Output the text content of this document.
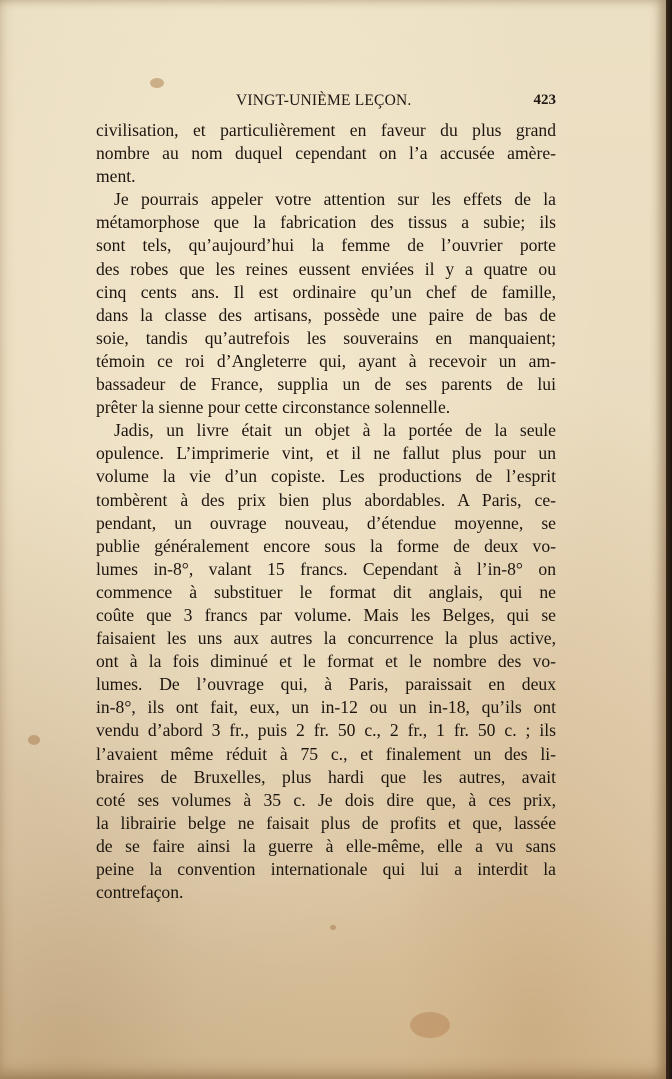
VINGT-UNIÈME LEÇON.	423
civilisation, et particulièrement en faveur du plus grand
nombre au nom duquel cependant on l’a accusée amère-
ment.
Je pourrais appeler votre attention sur les effets de la
métamorphose que la fabrication des tissus a subie; ils
sont tels, qu’aujourd’hui la femme de l’ouvrier porte
des robes que les reines eussent enviées il y a quatre ou
cinq cents ans. Il est ordinaire qu’un chef de famille,
dans la classe des artisans, possède une paire de bas de
soie, tandis qu’autrefois les souverains en manquaient;
témoin ce roi d’Angleterre qui, ayant à recevoir un am-
bassadeur de France, supplia un de ses parents de lui
prêter la sienne pour cette circonstance solennelle.
Jadis, un livre était un objet à la portée de la seule
opulence. L’imprimerie vint, et il ne fallut plus pour un
volume la vie d’un copiste. Les productions de l’esprit
tombèrent à des prix bien plus abordables. A Paris, ce-
pendant, un ouvrage nouveau, d’étendue moyenne, se
publie généralement encore sous la forme de deux vo-
lumes in-8°, valant 15 francs. Cependant à l’in-8° on
commence à substituer le format dit anglais, qui ne
coûte que 3 francs par volume. Mais les Belges, qui se
faisaient les uns aux autres la concurrence la plus active,
ont à la fois diminué et le format et le nombre des vo-
lumes. De l’ouvrage qui, à Paris, paraissait en deux
in-8°, ils ont fait, eux, un in-12 ou un in-18, qu’ils ont
vendu d’abord 3 fr., puis 2 fr. 50 c., 2 fr., 1 fr. 50 c. ; ils
l’avaient même réduit à 75 c., et finalement un des li-
braires de Bruxelles, plus hardi que les autres, avait
coté ses volumes à 35 c. Je dois dire que, à ces prix,
la librairie belge ne faisait plus de profits et que, lassée
de se faire ainsi la guerre à elle-même, elle a vu sans
peine la convention internationale qui lui a interdit la
contrefaçon.
